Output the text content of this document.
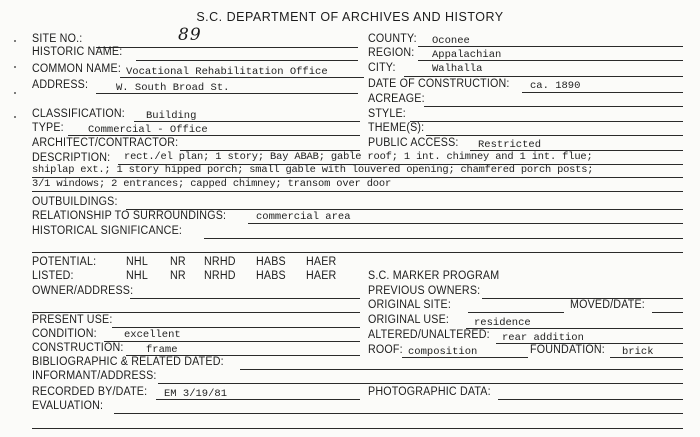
S.C. DEPARTMENT OF ARCHIVES AND HISTORY
SITE NO.:	89
HISTORIC NAME:
COMMON NAME: Vocational Rehabilitation Office
ADDRESS:	W. South Broad St.
COUNTY: Oconee
REGION: Appalachian
CITY:	Walhalla
DATE OF CONSTRUCTION: ca. 1890
ACREAGE:
CLASSIFICATION: Building	STYLE:
TYPE: Commercial - Office	THEME(S):
ARCHITECT/CONTRACTOR:	PUBLIC ACCESS: Restricted
DESCRIPTION: rect./el plan; 1 story; Bay ABAB; gable roof; 1 int. chimney and 1 int. flue;
shiplap ext.; 1 story hipped porch; small gable with louvered opening; chamfered porch posts;
3/1 windows; 2 entrances; capped chimney; transom over door
OUTBUILDINGS:
RELATIONSHIP TO SURROUNDINGS:	commercial area
HISTORICAL SIGNIFICANCE:
POTENTIAL:	NHL NR NRHD HABS HAER
LISTED:	NHL NR NRHD HABS HAER	S.C. MARKER PROGRAM
OWNER/ADDRESS:	PREVIOUS OWNERS:
ORIGINAL SITE:	MOVED/DATE:
PRESENT USE:	ORIGINAL USE: residence
CONDITION:	excellent	ALTERED/UNALTERED: rear addition
CONSTRUCTION: frame	ROOF: composition	FOUNDATION: brick
BIBLIOGRAPHIC & RELATED DATED:
INFORMANT/ADDRESS:
RECORDED BY/DATE: EM 3/19/81	PHOTOGRAPHIC DATA:
EVALUATION:
